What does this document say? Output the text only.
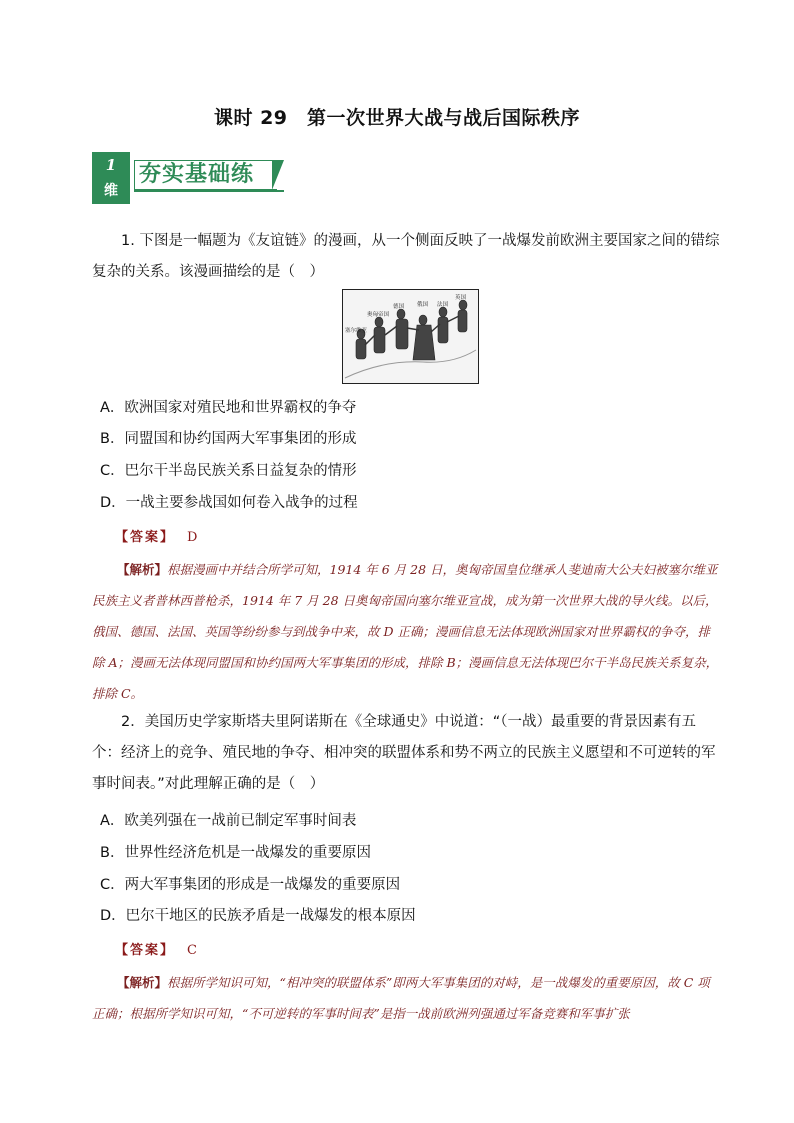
课时 29　第一次世界大战与战后国际秩序
1
维
夯实基础练
1. 下图是一幅题为《友谊链》的漫画，从一个侧面反映了一战爆发前欧洲主要国家之间的错综复杂的关系。该漫画描绘的是（　）
英国
法国
德国 俄国
奥匈帝国
塞尔维亚
A．欧洲国家对殖民地和世界霸权的争夺
B．同盟国和协约国两大军事集团的形成
C．巴尔干半岛民族关系日益复杂的情形
D．一战主要参战国如何卷入战争的过程
【答案】 D
【解析】根据漫画中并结合所学可知，1914 年 6 月 28 日，奥匈帝国皇位继承人斐迪南大公夫妇被塞尔维亚民族主义者普林西普枪杀，1914 年 7 月 28 日奥匈帝国向塞尔维亚宣战，成为第一次世界大战的导火线。以后，俄国、德国、法国、英国等纷纷参与到战争中来，故 D 正确；漫画信息无法体现欧洲国家对世界霸权的争夺，排除 A；漫画无法体现同盟国和协约国两大军事集团的形成，排除 B；漫画信息无法体现巴尔干半岛民族关系复杂，排除 C。
2．美国历史学家斯塔夫里阿诺斯在《全球通史》中说道：“（一战）最重要的背景因素有五个：经济上的竞争、殖民地的争夺、相冲突的联盟体系和势不两立的民族主义愿望和不可逆转的军事时间表。”对此理解正确的是（　）
A．欧美列强在一战前已制定军事时间表
B．世界性经济危机是一战爆发的重要原因
C．两大军事集团的形成是一战爆发的重要原因
D．巴尔干地区的民族矛盾是一战爆发的根本原因
【答案】 C
【解析】根据所学知识可知，“相冲突的联盟体系”即两大军事集团的对峙，是一战爆发的重要原因，故 C 项正确；根据所学知识可知，“不可逆转的军事时间表”是指一战前欧洲列强通过军备竞赛和军事扩张
